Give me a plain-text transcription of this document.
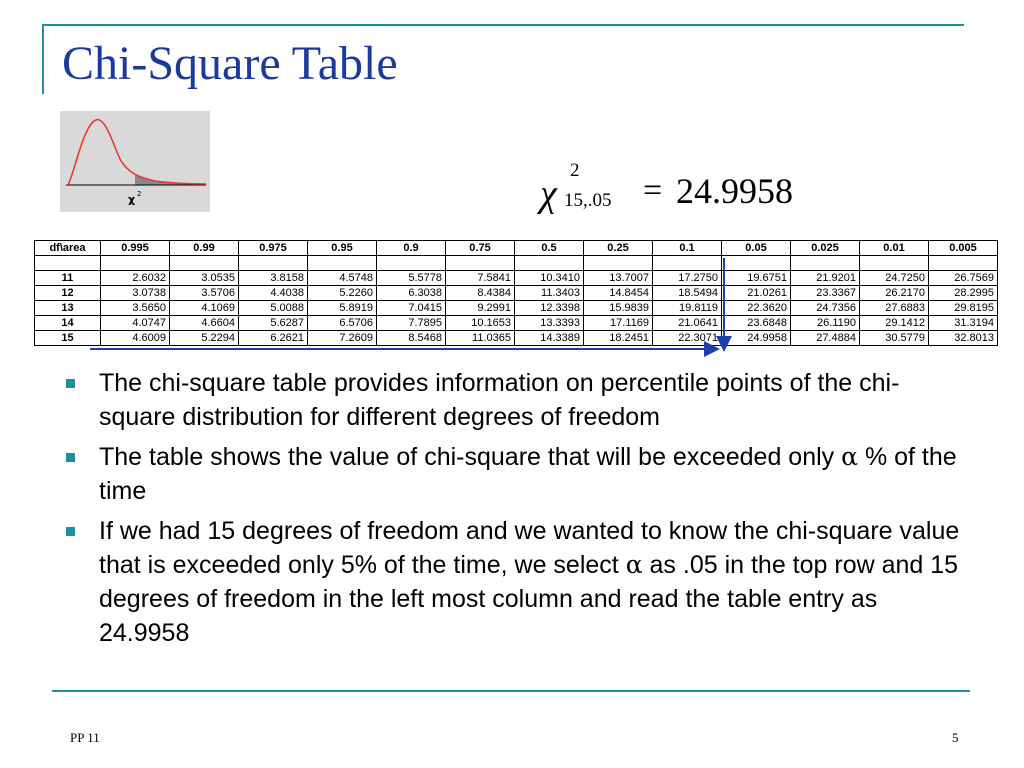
Chi-Square Table
χ 2	χ
2
15,.05 = 24.9958
df\area	0.995	0.99	0.975	0.95	0.9	0.75	0.5	0.25	0.1	0.05	0.025	0.01	0.005

11	2.6032	3.0535	3.8158	4.5748	5.5778	7.5841	10.3410	13.7007	17.2750	19.6751	21.9201	24.7250	26.7569
12	3.0738	3.5706	4.4038	5.2260	6.3038	8.4384	11.3403	14.8454	18.5494	21.0261	23.3367	26.2170	28.2995
13	3.5650	4.1069	5.0088	5.8919	7.0415	9.2991	12.3398	15.9839	19.8119	22.3620	24.7356	27.6883	29.8195
14	4.0747	4.6604	5.6287	6.5706	7.7895	10.1653	13.3393	17.1169	21.0641	23.6848	26.1190	29.1412	31.3194
15	4.6009	5.2294	6.2621	7.2609	8.5468	11.0365	14.3389	18.2451	22.3071	24.9958	27.4884	30.5779	32.8013
The chi-square table provides information on percentile points of the chi-square distribution for different degrees of freedom
The table shows the value of chi-square that will be exceeded only α % of the time
If we had 15 degrees of freedom and we wanted to know the chi-square value that is exceeded only 5% of the time, we select α as .05 in the top row and 15 degrees of freedom in the left most column and read the table entry as 24.9958
PP 11	5
